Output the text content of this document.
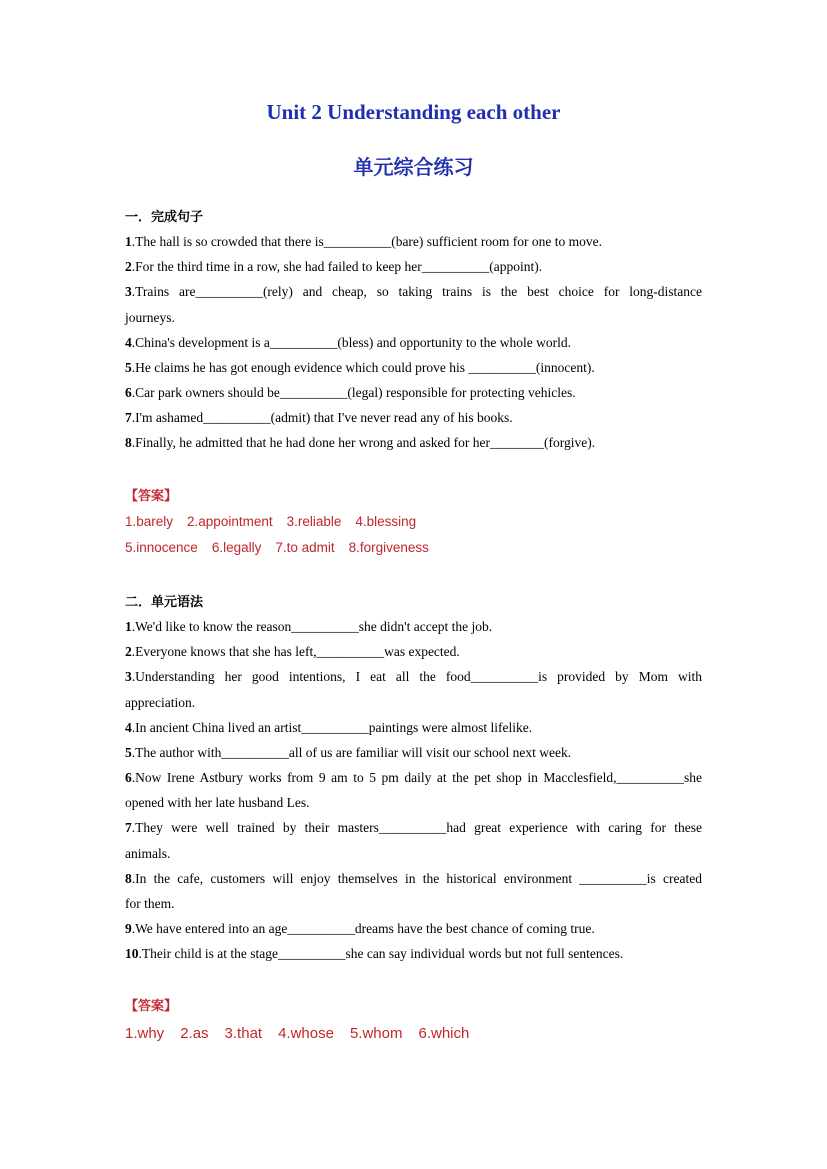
Unit 2 Understanding each other
单元综合练习
一．完成句子

1.The hall is so crowded that there is__________(bare) sufficient room for one to move.

2.For the third time in a row, she had failed to keep her__________(appoint).

3.Trains are__________(rely) and cheap, so taking trains is the best choice for long-distance

journeys.

4.China's development is a__________(bless) and opportunity to the whole world.

5.He claims he has got enough evidence which could prove his __________(innocent).

6.Car park owners should be__________(legal) responsible for protecting vehicles.

7.I'm ashamed__________(admit) that I've never read any of his books.

8.Finally, he admitted that he had done her wrong and asked for her________(forgive).

【答案】

1.barely 2.appointment 3.reliable 4.blessing

5.innocence 6.legally 7.to admit 8.forgiveness

二．单元语法

1.We'd like to know the reason__________she didn't accept the job.

2.Everyone knows that she has left,__________was expected.

3.Understanding her good intentions, I eat all the food__________is provided by Mom with

appreciation.

4.In ancient China lived an artist__________paintings were almost lifelike.

5.The author with__________all of us are familiar will visit our school next week.

6.Now Irene Astbury works from 9 am to 5 pm daily at the pet shop in Macclesfield,__________she

opened with her late husband Les.

7.They were well trained by their masters__________had great experience with caring for these

animals.

8.In the cafe, customers will enjoy themselves in the historical environment __________is created

for them.

9.We have entered into an age__________dreams have the best chance of coming true.

10.Their child is at the stage__________she can say individual words but not full sentences.

【答案】

1.why 2.as 3.that 4.whose 5.whom 6.which
